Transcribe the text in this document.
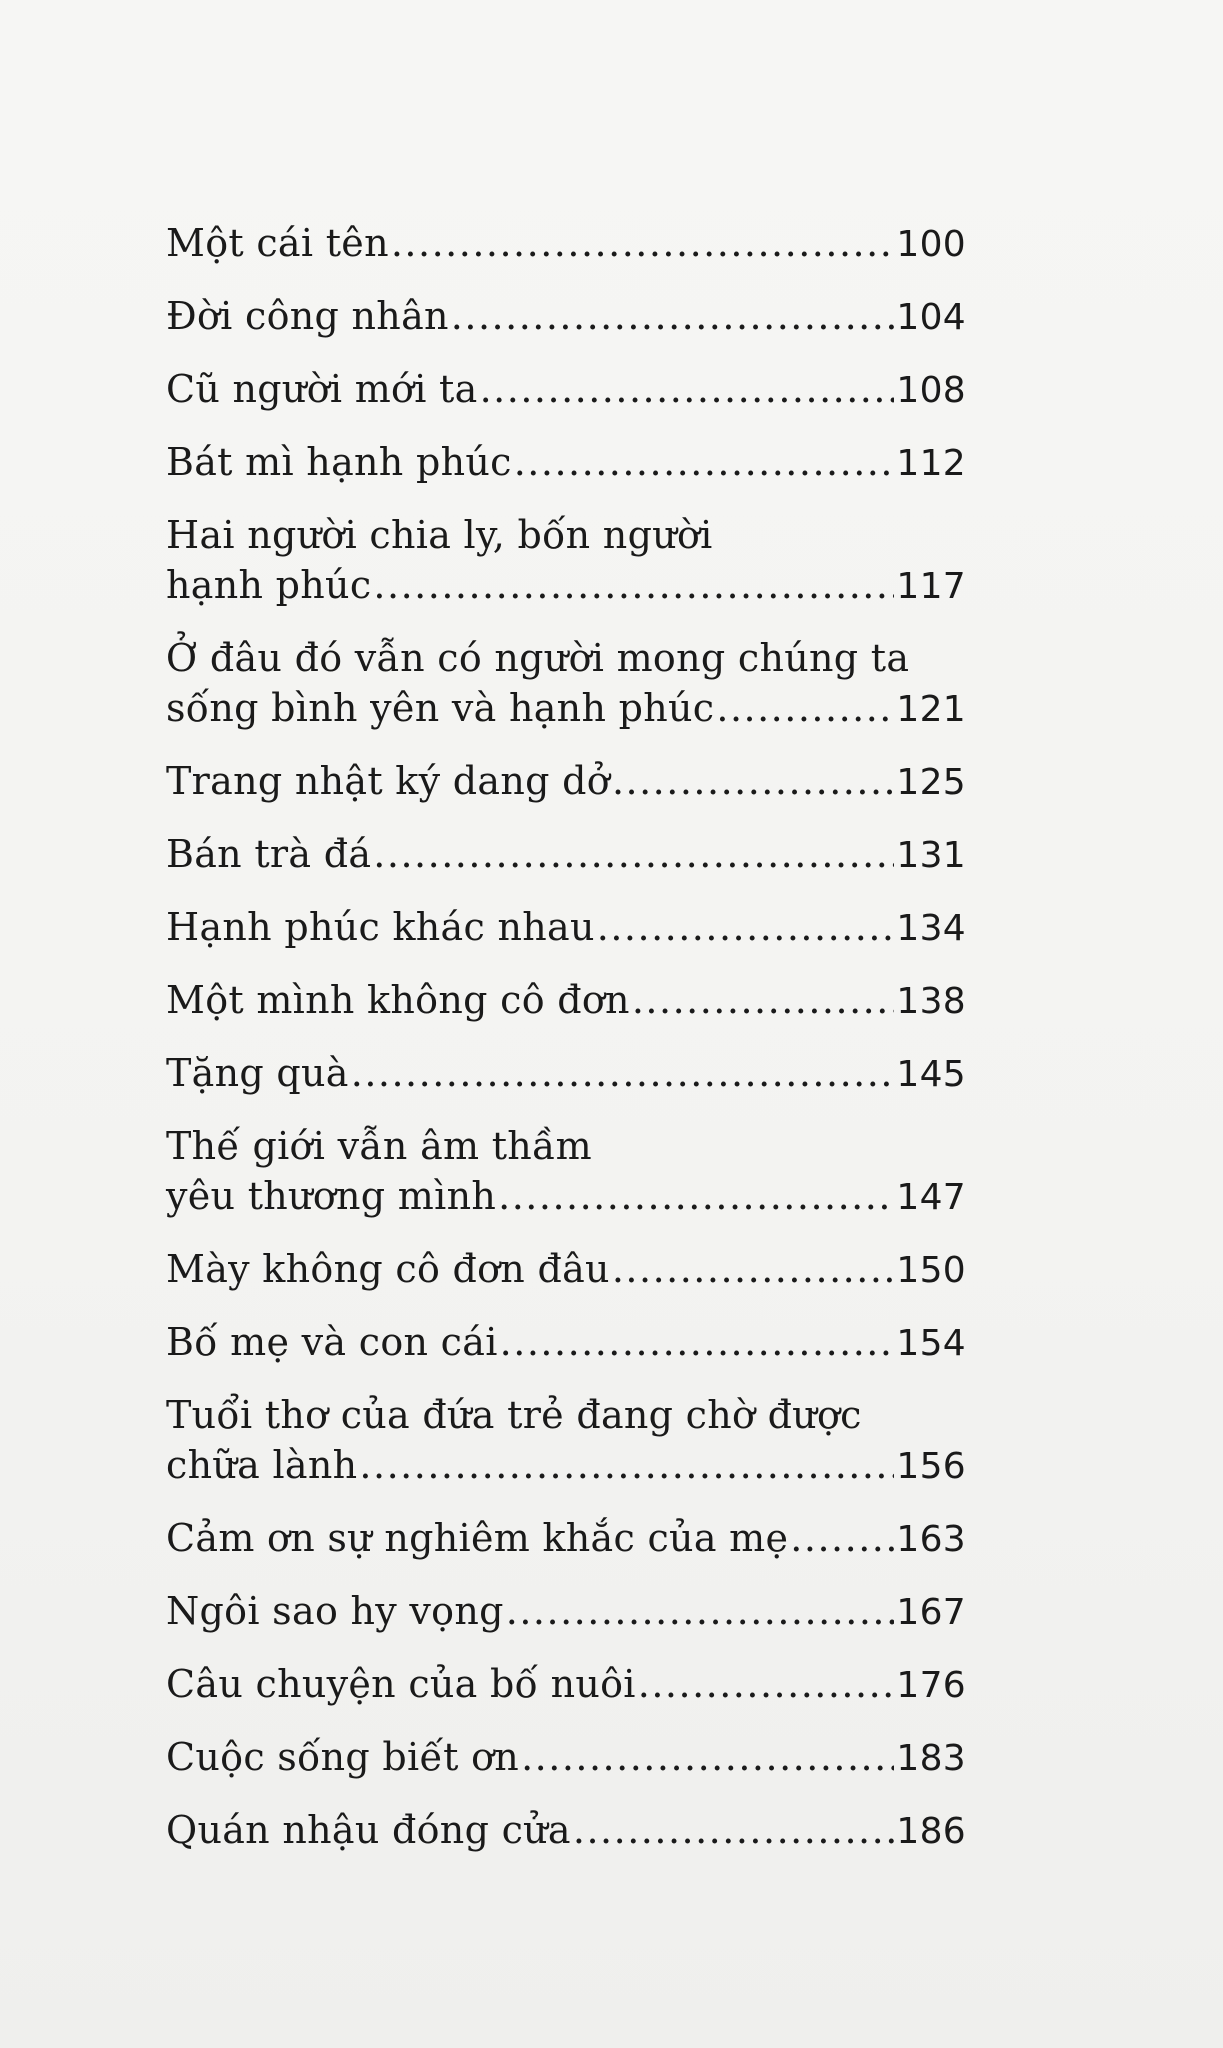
Một cái tên .....	100
Đời công nhân .....	104
Cũ người mới ta .....	108
Bát mì hạnh phúc .....	112
Hai người chia ly, bốn người
hạnh phúc .....	117
Ở đâu đó vẫn có người mong chúng ta
sống bình yên và hạnh phúc .....	121
Trang nhật ký dang dở .....	125
Bán trà đá .....	131
Hạnh phúc khác nhau .....	134
Một mình không cô đơn .....	138
Tặng quà .....	145
Thế giới vẫn âm thầm
yêu thương mình .....	147
Mày không cô đơn đâu .....	150
Bố mẹ và con cái .....	154
Tuổi thơ của đứa trẻ đang chờ được
chữa lành .....	156
Cảm ơn sự nghiêm khắc của mẹ .....	163
Ngôi sao hy vọng .....	167
Câu chuyện của bố nuôi .....	176
Cuộc sống biết ơn .....	183
Quán nhậu đóng cửa .....	186
